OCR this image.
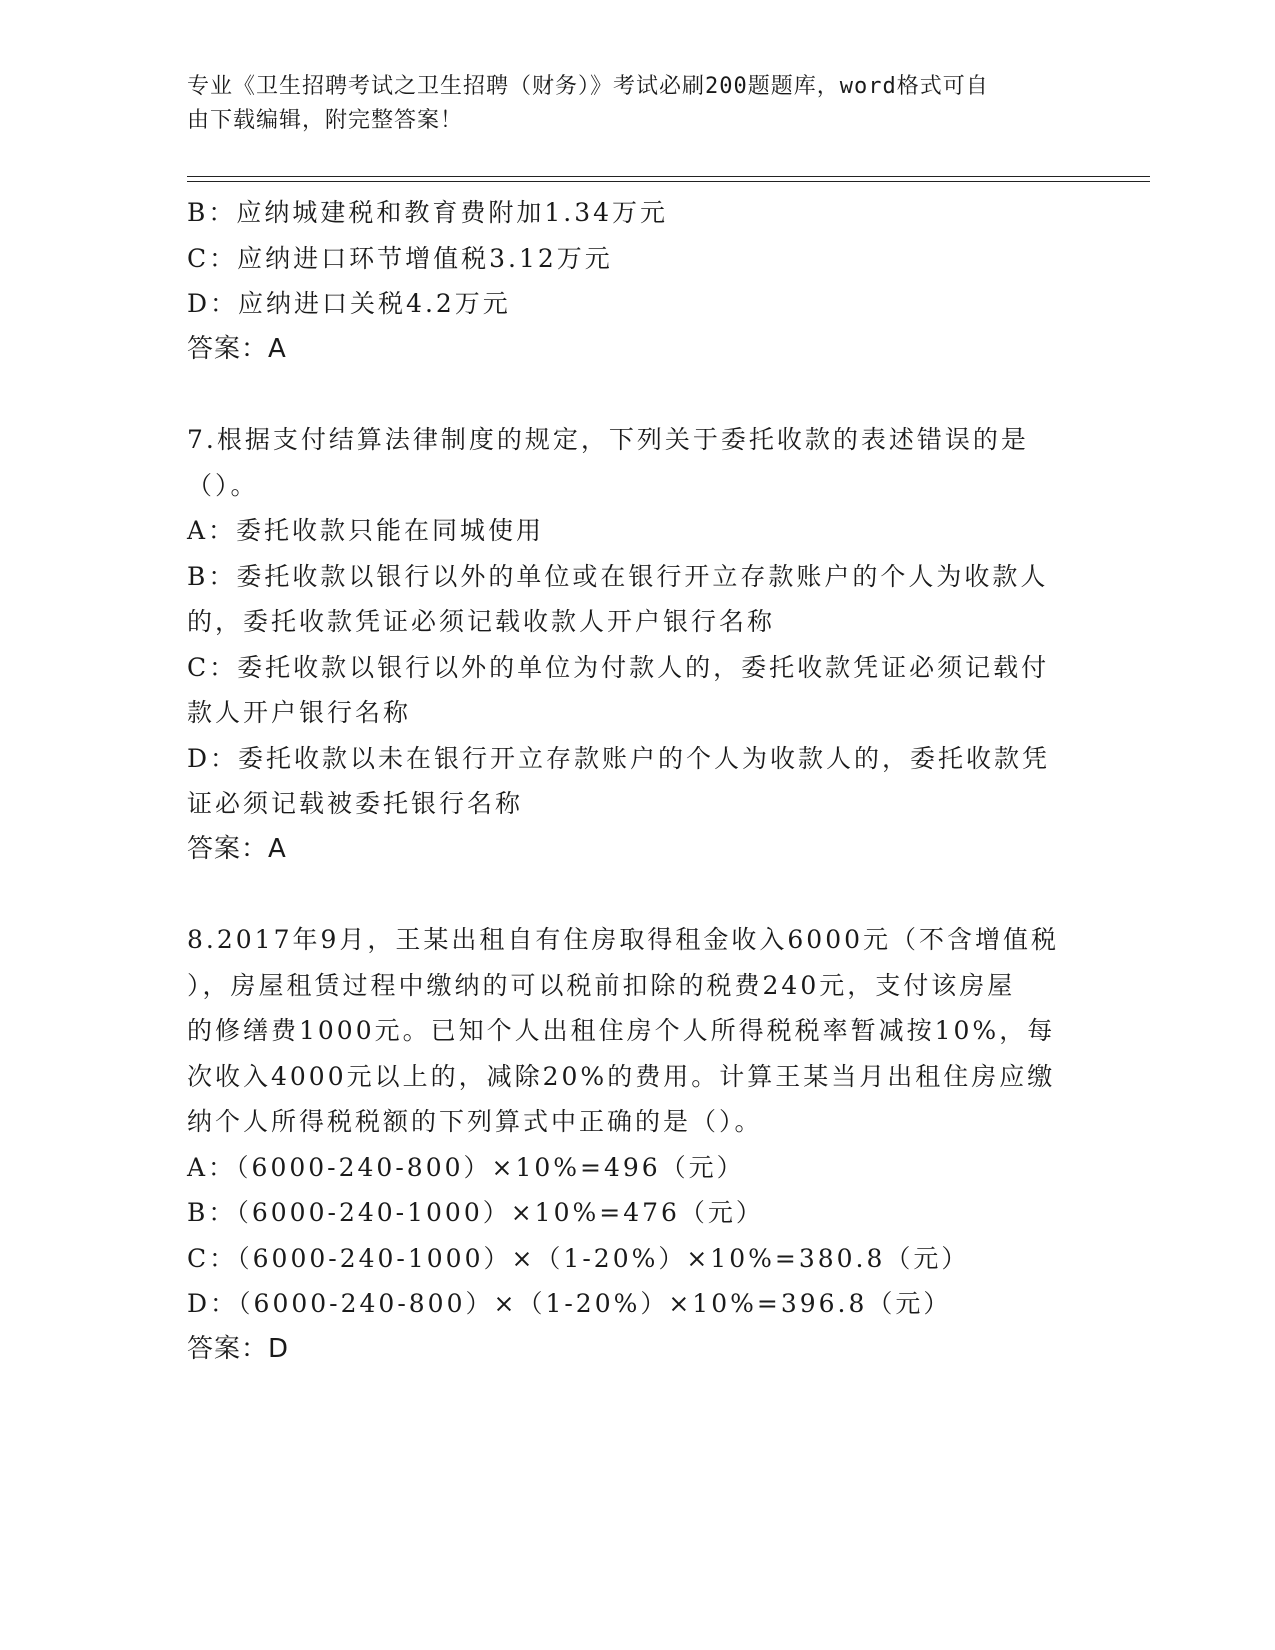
专业《卫生招聘考试之卫生招聘（财务）》考试必刷200题题库，word格式可自
由下载编辑，附完整答案！
B：应纳城建税和教育费附加1.34万元
C：应纳进口环节增值税3.12万元
D：应纳进口关税4.2万元
答案：A
7.根据支付结算法律制度的规定，下列关于委托收款的表述错误的是
（）。
A：委托收款只能在同城使用
B：委托收款以银行以外的单位或在银行开立存款账户的个人为收款人
的，委托收款凭证必须记载收款人开户银行名称
C：委托收款以银行以外的单位为付款人的，委托收款凭证必须记载付
款人开户银行名称
D：委托收款以未在银行开立存款账户的个人为收款人的，委托收款凭
证必须记载被委托银行名称
答案：A
8.2017年9月，王某出租自有住房取得租金收入6000元（不含增值税
），房屋租赁过程中缴纳的可以税前扣除的税费240元，支付该房屋
的修缮费1000元。已知个人出租住房个人所得税税率暂减按10%，每
次收入4000元以上的，减除20%的费用。计算王某当月出租住房应缴
纳个人所得税税额的下列算式中正确的是（）。
A：（6000-240-800）×10%=496（元）
B：（6000-240-1000）×10%=476（元）
C：（6000-240-1000）×（1-20%）×10%=380.8（元）
D：（6000-240-800）×（1-20%）×10%=396.8（元）
答案：D
